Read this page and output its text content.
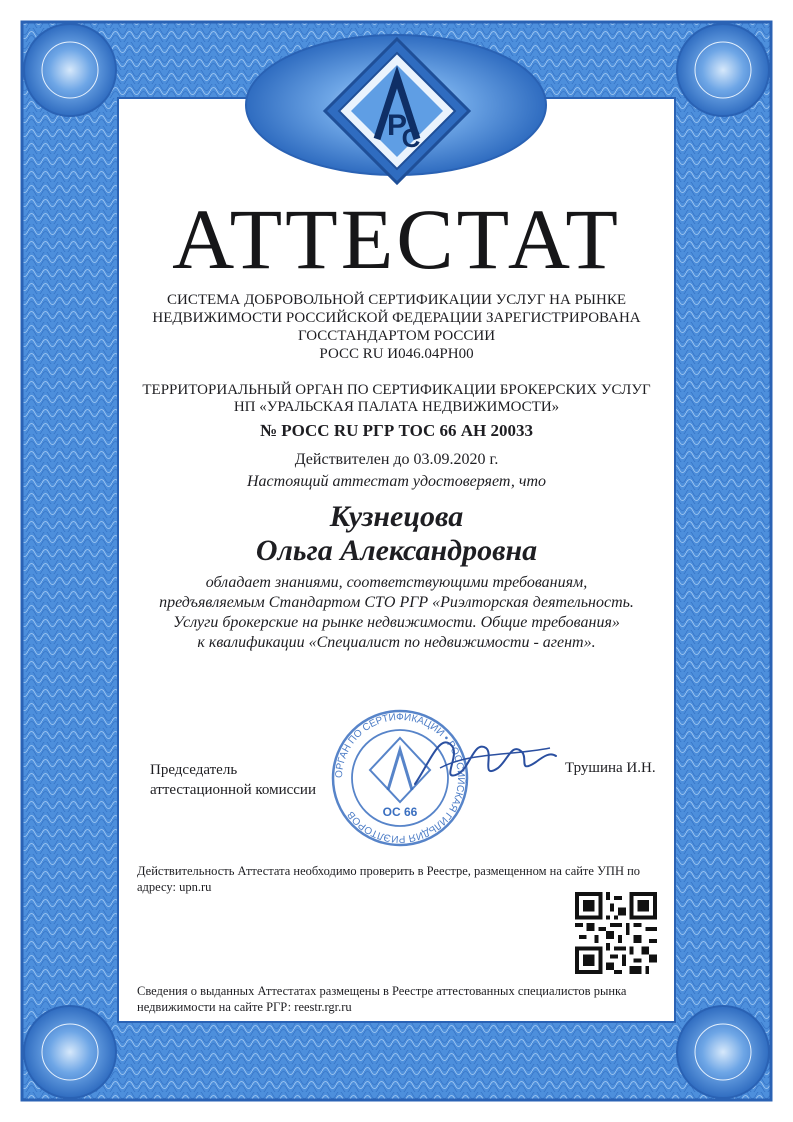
P
C
АТТЕСТАТ
СИСТЕМА ДОБРОВОЛЬНОЙ СЕРТИФИКАЦИИ УСЛУГ НА РЫНКЕ
НЕДВИЖИМОСТИ РОССИЙСКОЙ ФЕДЕРАЦИИ ЗАРЕГИСТРИРОВАНА
ГОССТАНДАРТОМ РОССИИ
РОСС RU И046.04РН00
ТЕРРИТОРИАЛЬНЫЙ ОРГАН ПО СЕРТИФИКАЦИИ БРОКЕРСКИХ УСЛУГ
НП «УРАЛЬСКАЯ ПАЛАТА НЕДВИЖИМОСТИ»
№ РОСС RU РГР ТОС 66 АН 20033
Действителен до 03.09.2020 г.
Настоящий аттестат удостоверяет, что
Кузнецова
Ольга Александровна
обладает знаниями, соответствующими требованиям,
предъявляемым Стандартом СТО РГР «Риэлторская деятельность.
Услуги брокерские на рынке недвижимости. Общие требования»
к квалификации «Специалист по недвижимости - агент».
Председатель
аттестационной комиссии
ОРГАН ПО СЕРТИФИКАЦИИ • РОССИЙСКАЯ ГИЛЬДИЯ РИЭЛТОРОВ	ОС 66
Трушина И.Н.
Действительность Аттестата необходимо проверить в Реестре, размещенном на сайте УПН по адресу: upn.ru
Сведения о выданных Аттестатах размещены в Реестре аттестованных специалистов рынка недвижимости на сайте РГР: reestr.rgr.ru
